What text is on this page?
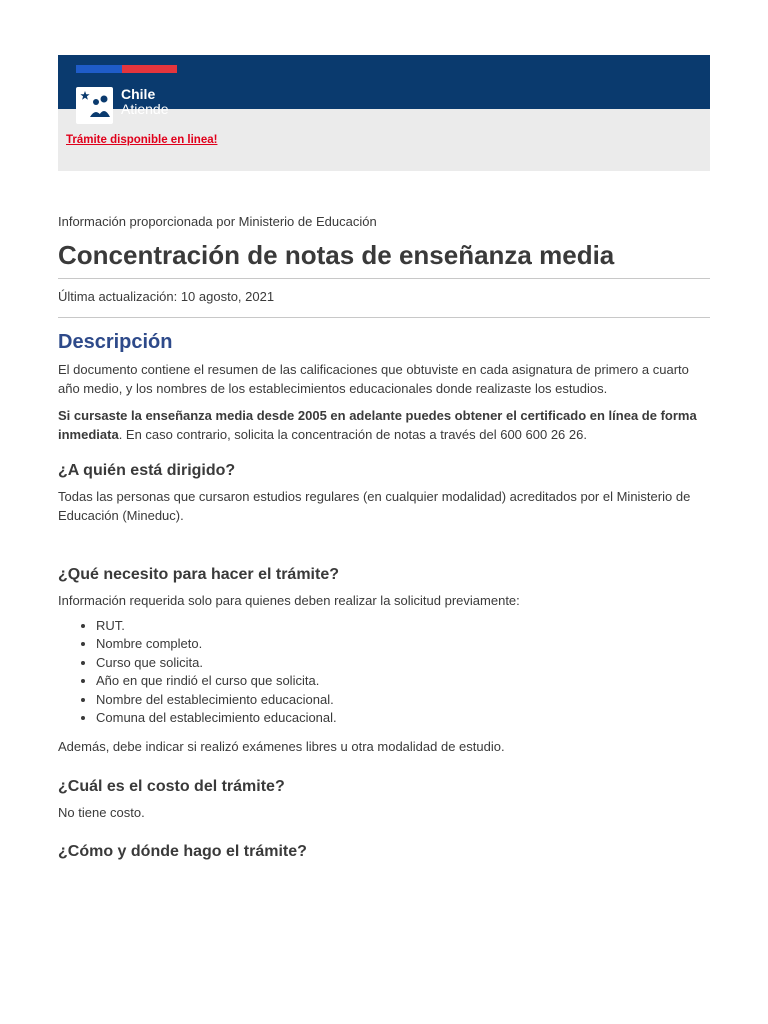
Chile
Atiende
Trámite disponible en linea!

Información proporcionada por Ministerio de Educación

Concentración de notas de enseñanza media

Última actualización: 10 agosto, 2021

Descripción

El documento contiene el resumen de las calificaciones que obtuviste en cada asignatura de primero a cuarto año medio, y los nombres de los establecimientos educacionales donde realizaste los estudios.

Si cursaste la enseñanza media desde 2005 en adelante puedes obtener el certificado en línea de forma inmediata. En caso contrario, solicita la concentración de notas a través del 600 600 26 26.

¿A quién está dirigido?

Todas las personas que cursaron estudios regulares (en cualquier modalidad) acreditados por el Ministerio de Educación (Mineduc).

¿Qué necesito para hacer el trámite?

Información requerida solo para quienes deben realizar la solicitud previamente:

• RUT.
• Nombre completo.
• Curso que solicita.
• Año en que rindió el curso que solicita.
• Nombre del establecimiento educacional.
• Comuna del establecimiento educacional.

Además, debe indicar si realizó exámenes libres u otra modalidad de estudio.

¿Cuál es el costo del trámite?

No tiene costo.

¿Cómo y dónde hago el trámite?
